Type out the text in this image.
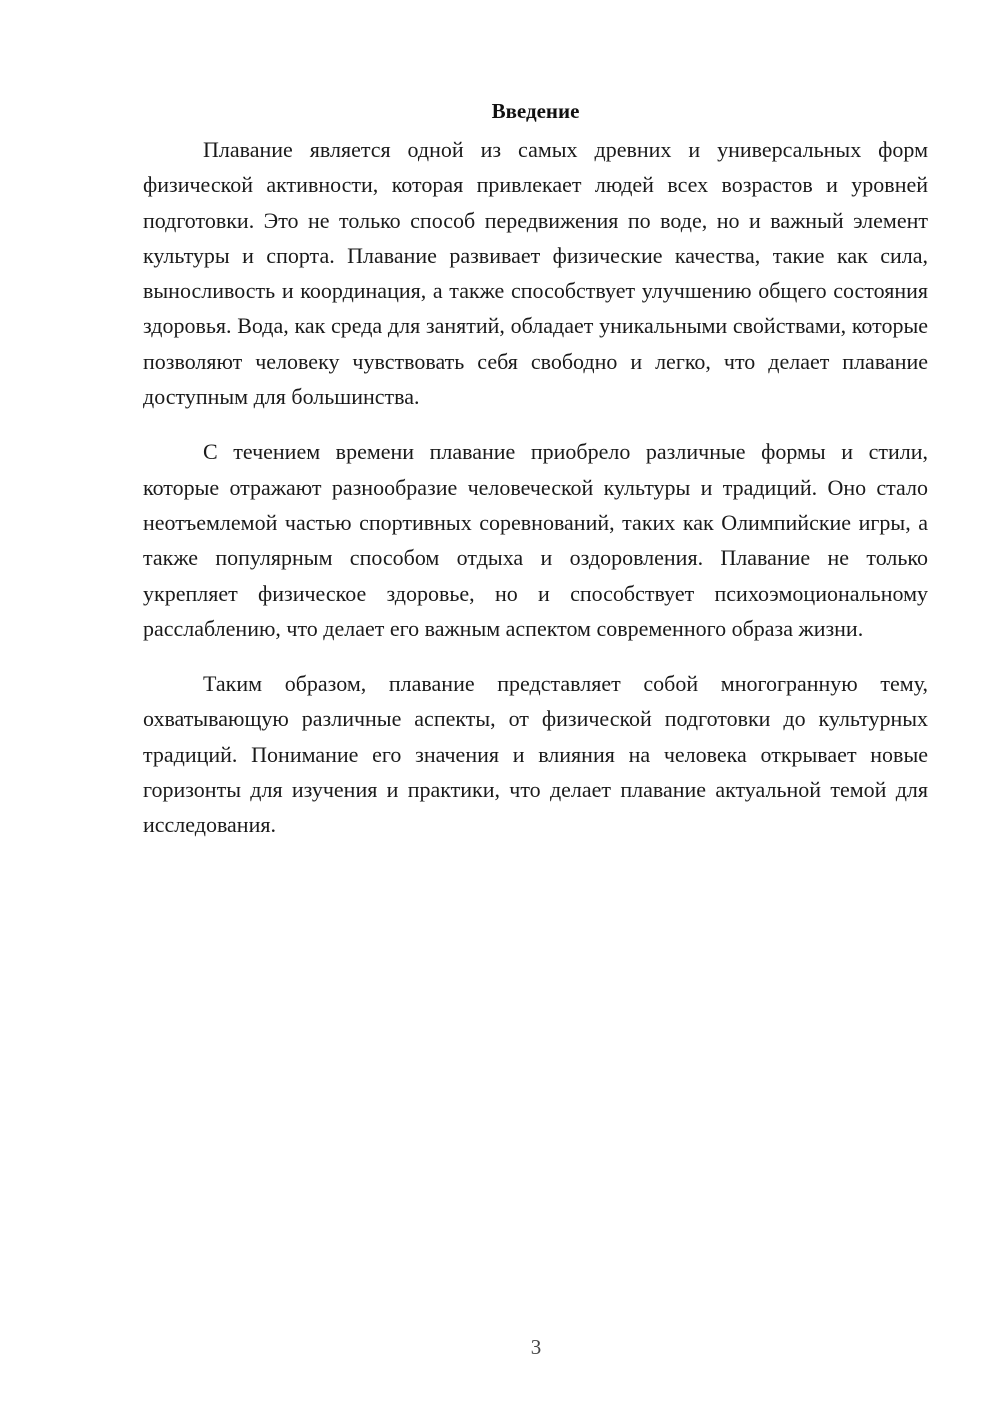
Введение

Плавание является одной из самых древних и универсальных форм физической активности, которая привлекает людей всех возрастов и уровней подготовки. Это не только способ передвижения по воде, но и важный элемент культуры и спорта. Плавание развивает физические качества, такие как сила, выносливость и координация, а также способствует улучшению общего состояния здоровья. Вода, как среда для занятий, обладает уникальными свойствами, которые позволяют человеку чувствовать себя свободно и легко, что делает плавание доступным для большинства.

С течением времени плавание приобрело различные формы и стили, которые отражают разнообразие человеческой культуры и традиций. Оно стало неотъемлемой частью спортивных соревнований, таких как Олимпийские игры, а также популярным способом отдыха и оздоровления. Плавание не только укрепляет физическое здоровье, но и способствует психоэмоциональному расслаблению, что делает его важным аспектом современного образа жизни.

Таким образом, плавание представляет собой многогранную тему, охватывающую различные аспекты, от физической подготовки до культурных традиций. Понимание его значения и влияния на человека открывает новые горизонты для изучения и практики, что делает плавание актуальной темой для исследования.

3
